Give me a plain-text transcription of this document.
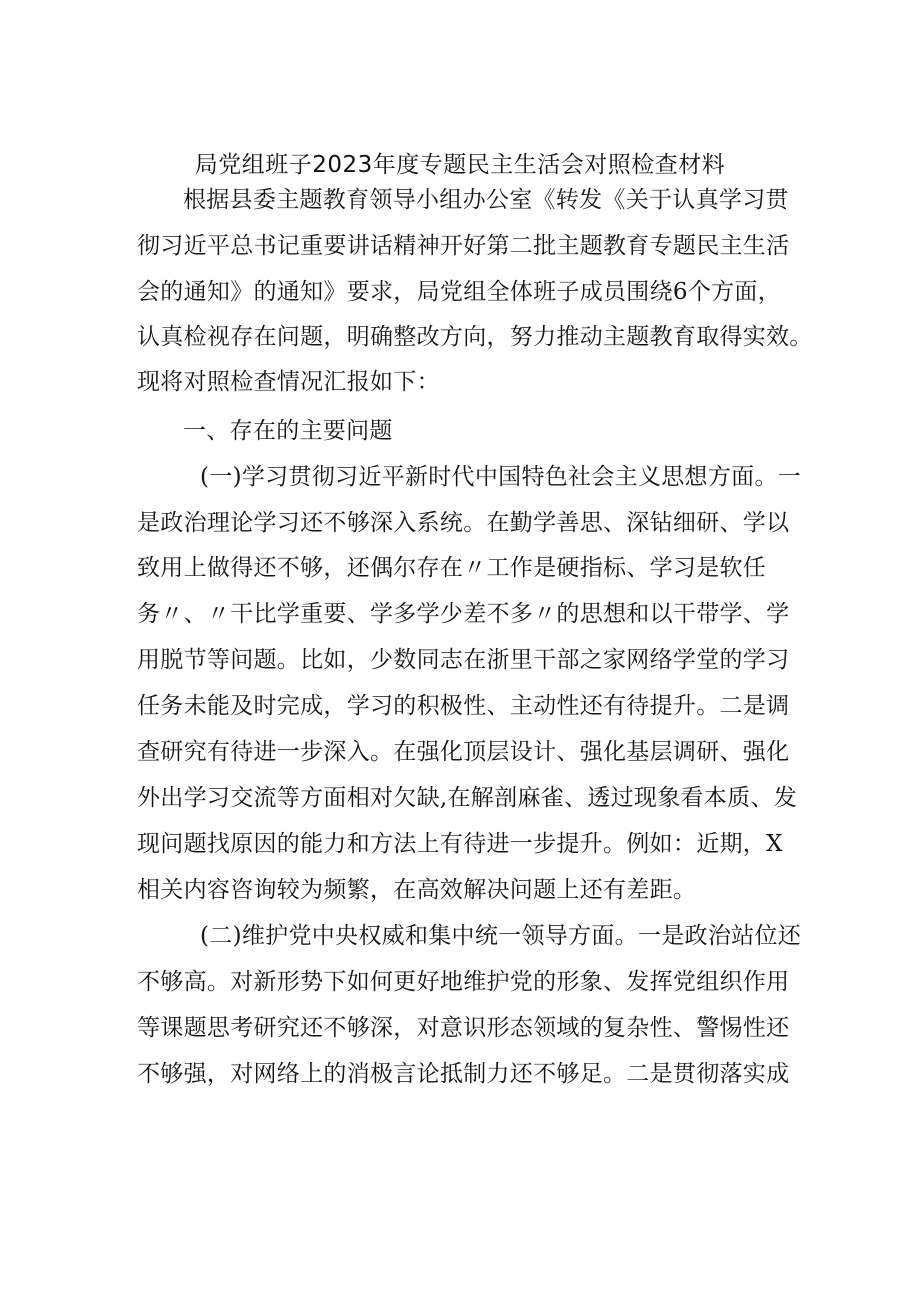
局党组班子2023年度专题民主生活会对照检查材料
根据县委主题教育领导小组办公室《转发《关于认真学习贯
彻习近平总书记重要讲话精神开好第二批主题教育专题民主生活
会的通知》的通知》要求，局党组全体班子成员围绕6个方面，
认真检视存在问题，明确整改方向，努力推动主题教育取得实效。
现将对照检查情况汇报如下：
一、存在的主要问题
(一)学习贯彻习近平新时代中国特色社会主义思想方面。一
是政治理论学习还不够深入系统。在勤学善思、深钻细研、学以
致用上做得还不够，还偶尔存在〃工作是硬指标、学习是软任
务〃、〃干比学重要、学多学少差不多〃的思想和以干带学、学
用脱节等问题。比如，少数同志在浙里干部之家网络学堂的学习
任务未能及时完成，学习的积极性、主动性还有待提升。二是调
查研究有待进一步深入。在强化顶层设计、强化基层调研、强化
外出学习交流等方面相对欠缺,在解剖麻雀、透过现象看本质、发
现问题找原因的能力和方法上有待进一步提升。例如：近期，X
相关内容咨询较为频繁，在高效解决问题上还有差距。
(二)维护党中央权威和集中统一领导方面。一是政治站位还
不够高。对新形势下如何更好地维护党的形象、发挥党组织作用
等课题思考研究还不够深，对意识形态领域的复杂性、警惕性还
不够强，对网络上的消极言论抵制力还不够足。二是贯彻落实成
